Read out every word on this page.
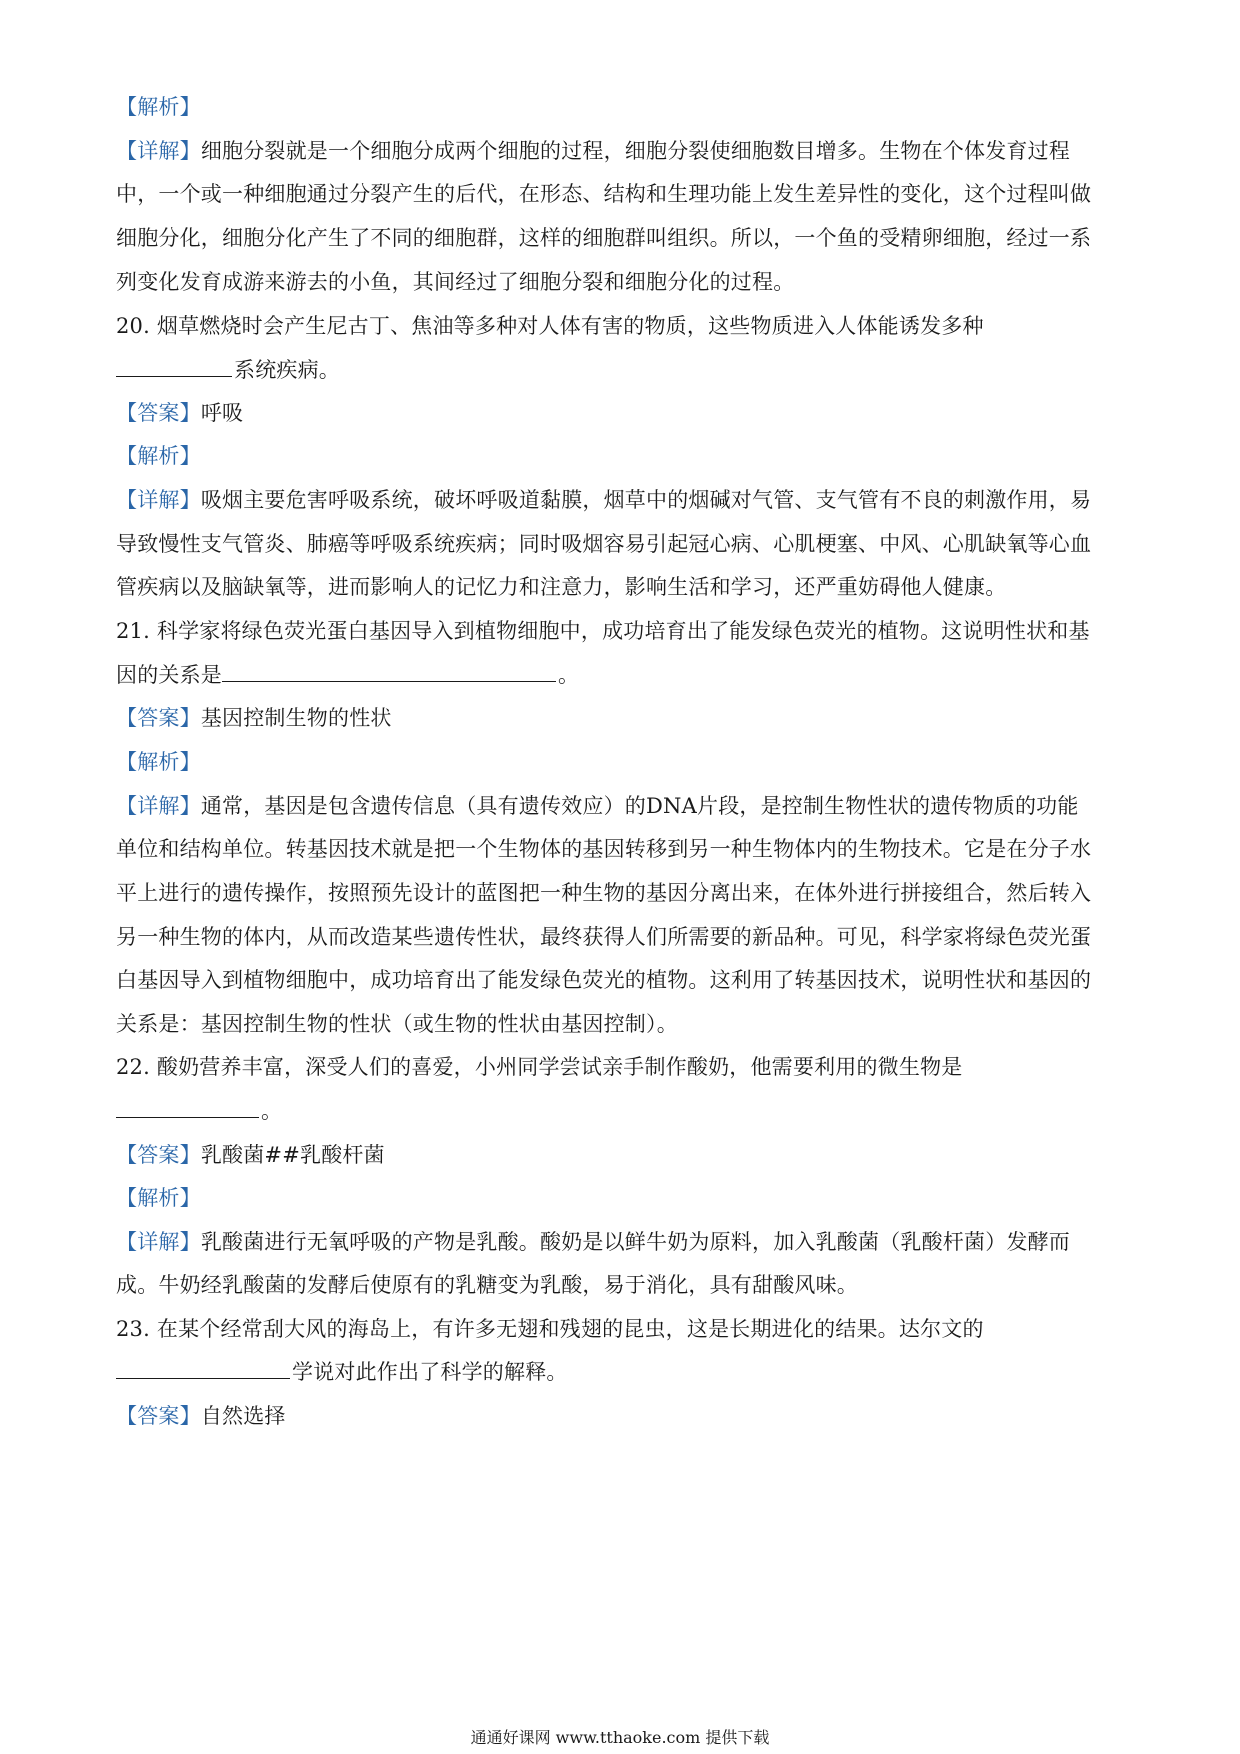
【解析】
【详解】细胞分裂就是一个细胞分成两个细胞的过程，细胞分裂使细胞数目增多。生物在个体发育过程
中，一个或一种细胞通过分裂产生的后代，在形态、结构和生理功能上发生差异性的变化，这个过程叫做
细胞分化，细胞分化产生了不同的细胞群，这样的细胞群叫组织。所以，一个鱼的受精卵细胞，经过一系
列变化发育成游来游去的小鱼，其间经过了细胞分裂和细胞分化的过程。
20. 烟草燃烧时会产生尼古丁、焦油等多种对人体有害的物质，这些物质进入人体能诱发多种
系统疾病。
【答案】呼吸
【解析】
【详解】吸烟主要危害呼吸系统，破坏呼吸道黏膜，烟草中的烟碱对气管、支气管有不良的刺激作用，易
导致慢性支气管炎、肺癌等呼吸系统疾病；同时吸烟容易引起冠心病、心肌梗塞、中风、心肌缺氧等心血
管疾病以及脑缺氧等，进而影响人的记忆力和注意力，影响生活和学习，还严重妨碍他人健康。
21. 科学家将绿色荧光蛋白基因导入到植物细胞中，成功培育出了能发绿色荧光的植物。这说明性状和基
因的关系是	。
【答案】基因控制生物的性状
【解析】
【详解】通常，基因是包含遗传信息（具有遗传效应）的DNA片段，是控制生物性状的遗传物质的功能
单位和结构单位。转基因技术就是把一个生物体的基因转移到另一种生物体内的生物技术。它是在分子水
平上进行的遗传操作，按照预先设计的蓝图把一种生物的基因分离出来，在体外进行拼接组合，然后转入
另一种生物的体内，从而改造某些遗传性状，最终获得人们所需要的新品种。可见，科学家将绿色荧光蛋
白基因导入到植物细胞中，成功培育出了能发绿色荧光的植物。这利用了转基因技术，说明性状和基因的
关系是：基因控制生物的性状（或生物的性状由基因控制）。
22. 酸奶营养丰富，深受人们的喜爱，小州同学尝试亲手制作酸奶，他需要利用的微生物是
。
【答案】乳酸菌##乳酸杆菌
【解析】
【详解】乳酸菌进行无氧呼吸的产物是乳酸。酸奶是以鲜牛奶为原料，加入乳酸菌（乳酸杆菌）发酵而
成。牛奶经乳酸菌的发酵后使原有的乳糖变为乳酸，易于消化，具有甜酸风味。
23. 在某个经常刮大风的海岛上，有许多无翅和残翅的昆虫，这是长期进化的结果。达尔文的
学说对此作出了科学的解释。
【答案】自然选择
通通好课网 www.tthaoke.com 提供下载
